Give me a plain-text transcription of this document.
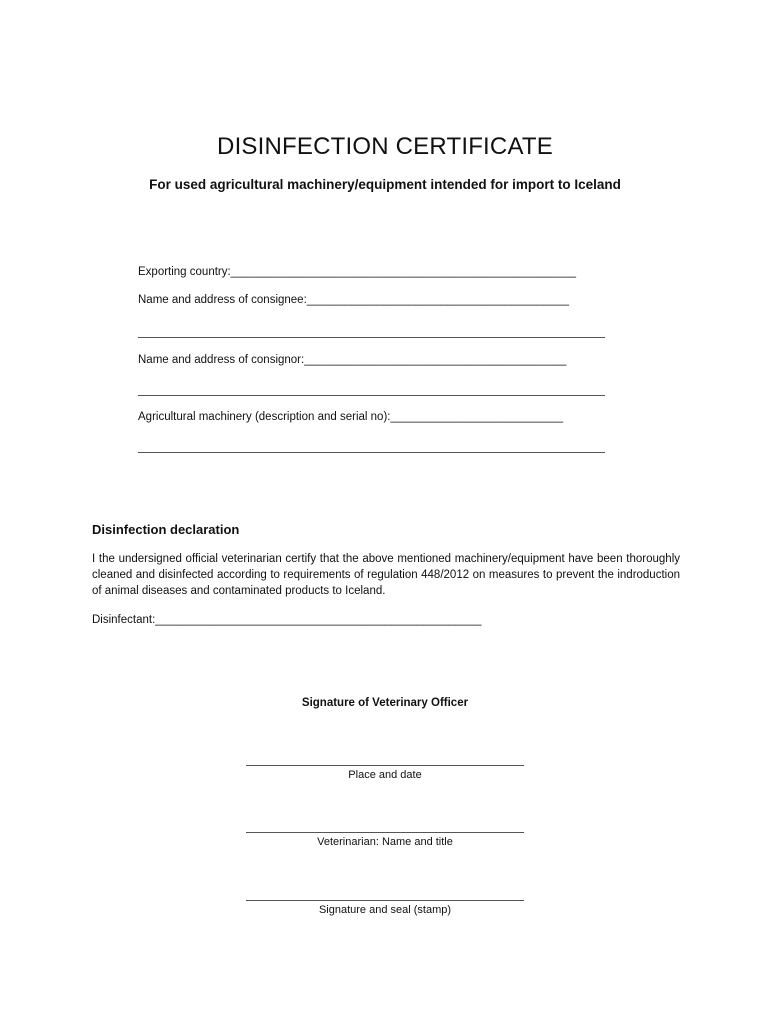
DISINFECTION CERTIFICATE

For used agricultural machinery/equipment intended for import to Iceland

Exporting country:______________________________________________________
Name and address of consignee:_________________________________________
Name and address of consignor:_________________________________________
Agricultural machinery (description and serial no):___________________________
Disinfection declaration

I the undersigned official veterinarian certify that the above mentioned machinery/equipment have been thoroughly cleaned and disinfected according to requirements of regulation 448/2012 on measures to prevent the indroduction of animal diseases and contaminated products to Iceland.

Disinfectant:___________________________________________________

Signature of Veterinary Officer

Place and date
Veterinarian: Name and title
Signature and seal (stamp)
